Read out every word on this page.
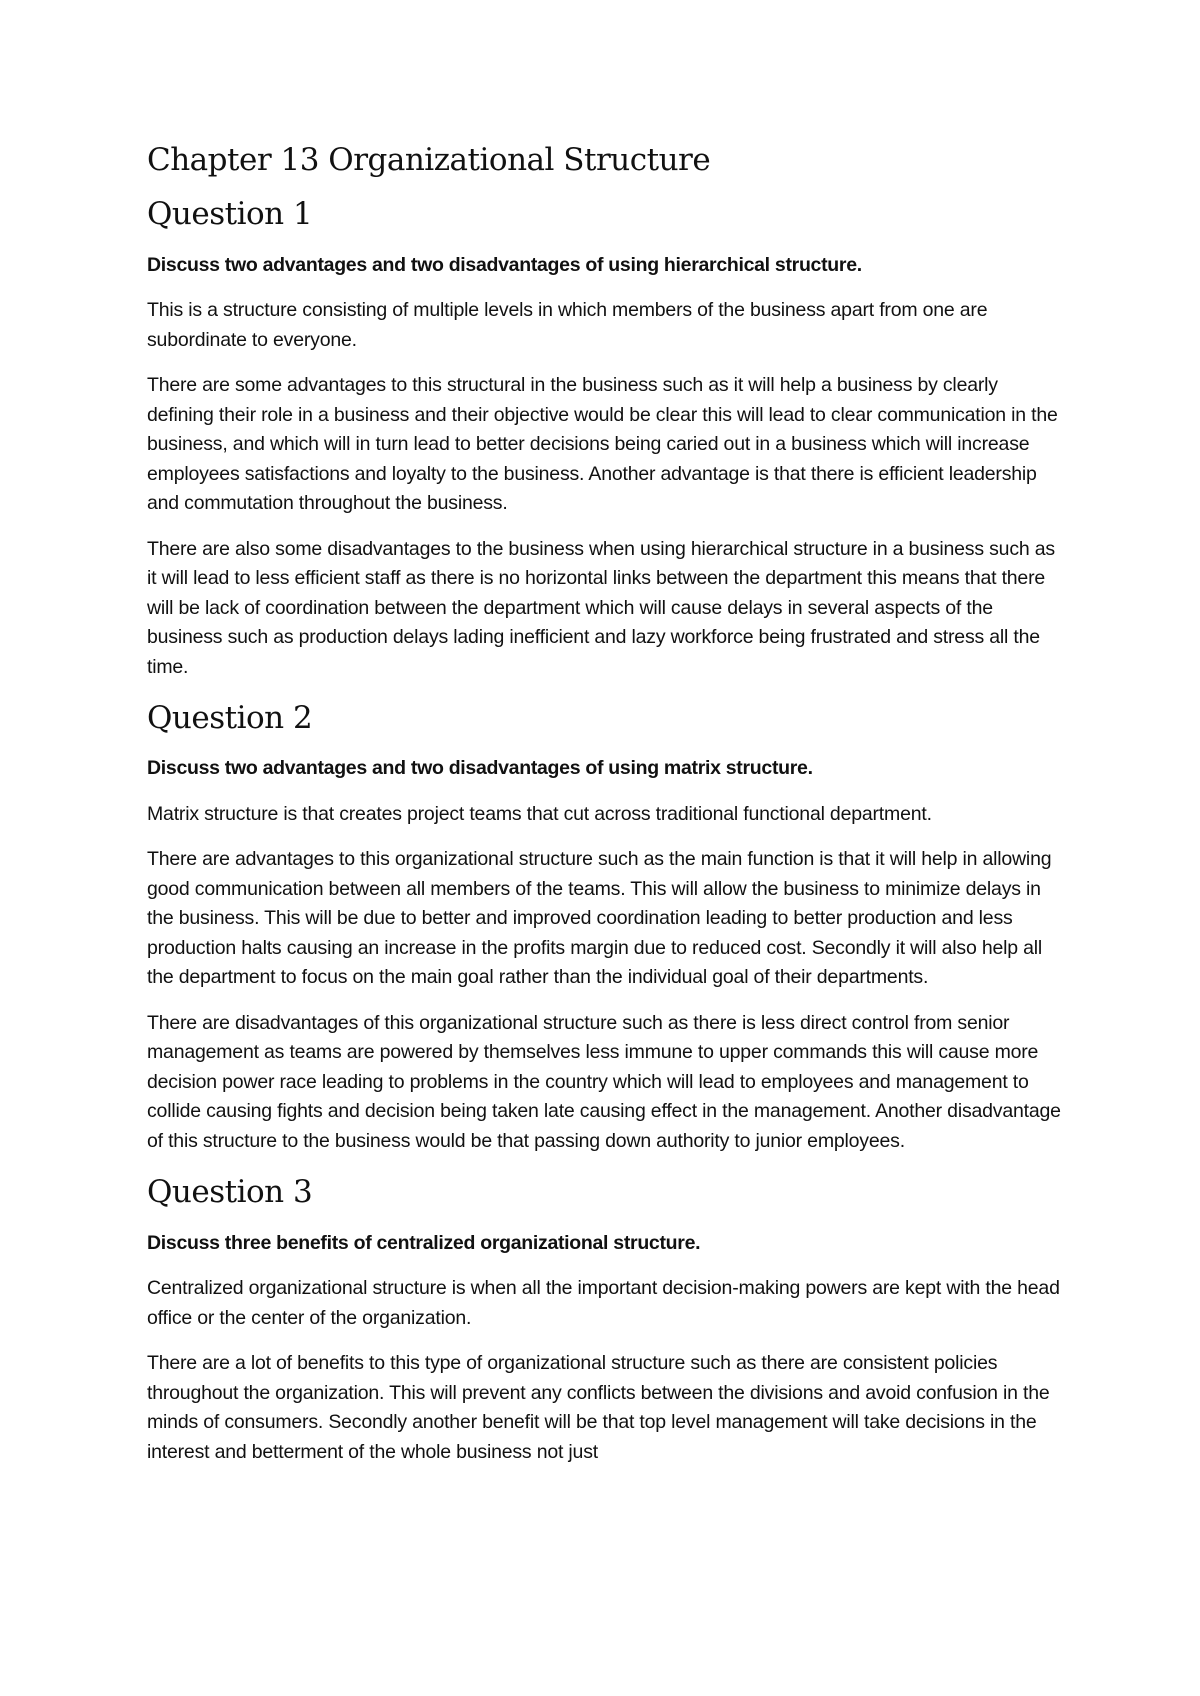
Chapter 13 Organizational Structure
Question 1

Discuss two advantages and two disadvantages of using hierarchical structure.

This is a structure consisting of multiple levels in which members of the business apart from one are subordinate to everyone.

There are some advantages to this structural in the business such as it will help a business by clearly defining their role in a business and their objective would be clear this will lead to clear communication in the business, and which will in turn lead to better decisions being caried out in a business which will increase employees satisfactions and loyalty to the business. Another advantage is that there is efficient leadership and commutation throughout the business.

There are also some disadvantages to the business when using hierarchical structure in a business such as it will lead to less efficient staff as there is no horizontal links between the department this means that there will be lack of coordination between the department which will cause delays in several aspects of the business such as production delays lading inefficient and lazy workforce being frustrated and stress all the time.

Question 2

Discuss two advantages and two disadvantages of using matrix structure.

Matrix structure is that creates project teams that cut across traditional functional department.

There are advantages to this organizational structure such as the main function is that it will help in allowing good communication between all members of the teams. This will allow the business to minimize delays in the business. This will be due to better and improved coordination leading to better production and less production halts causing an increase in the profits margin due to reduced cost. Secondly it will also help all the department to focus on the main goal rather than the individual goal of their departments.

There are disadvantages of this organizational structure such as there is less direct control from senior management as teams are powered by themselves less immune to upper commands this will cause more decision power race leading to problems in the country which will lead to employees and management to collide causing fights and decision being taken late causing effect in the management. Another disadvantage of this structure to the business would be that passing down authority to junior employees.

Question 3

Discuss three benefits of centralized organizational structure.

Centralized organizational structure is when all the important decision-making powers are kept with the head office or the center of the organization.

There are a lot of benefits to this type of organizational structure such as there are consistent policies throughout the organization. This will prevent any conflicts between the divisions and avoid confusion in the minds of consumers. Secondly another benefit will be that top level management will take decisions in the interest and betterment of the whole business not just
